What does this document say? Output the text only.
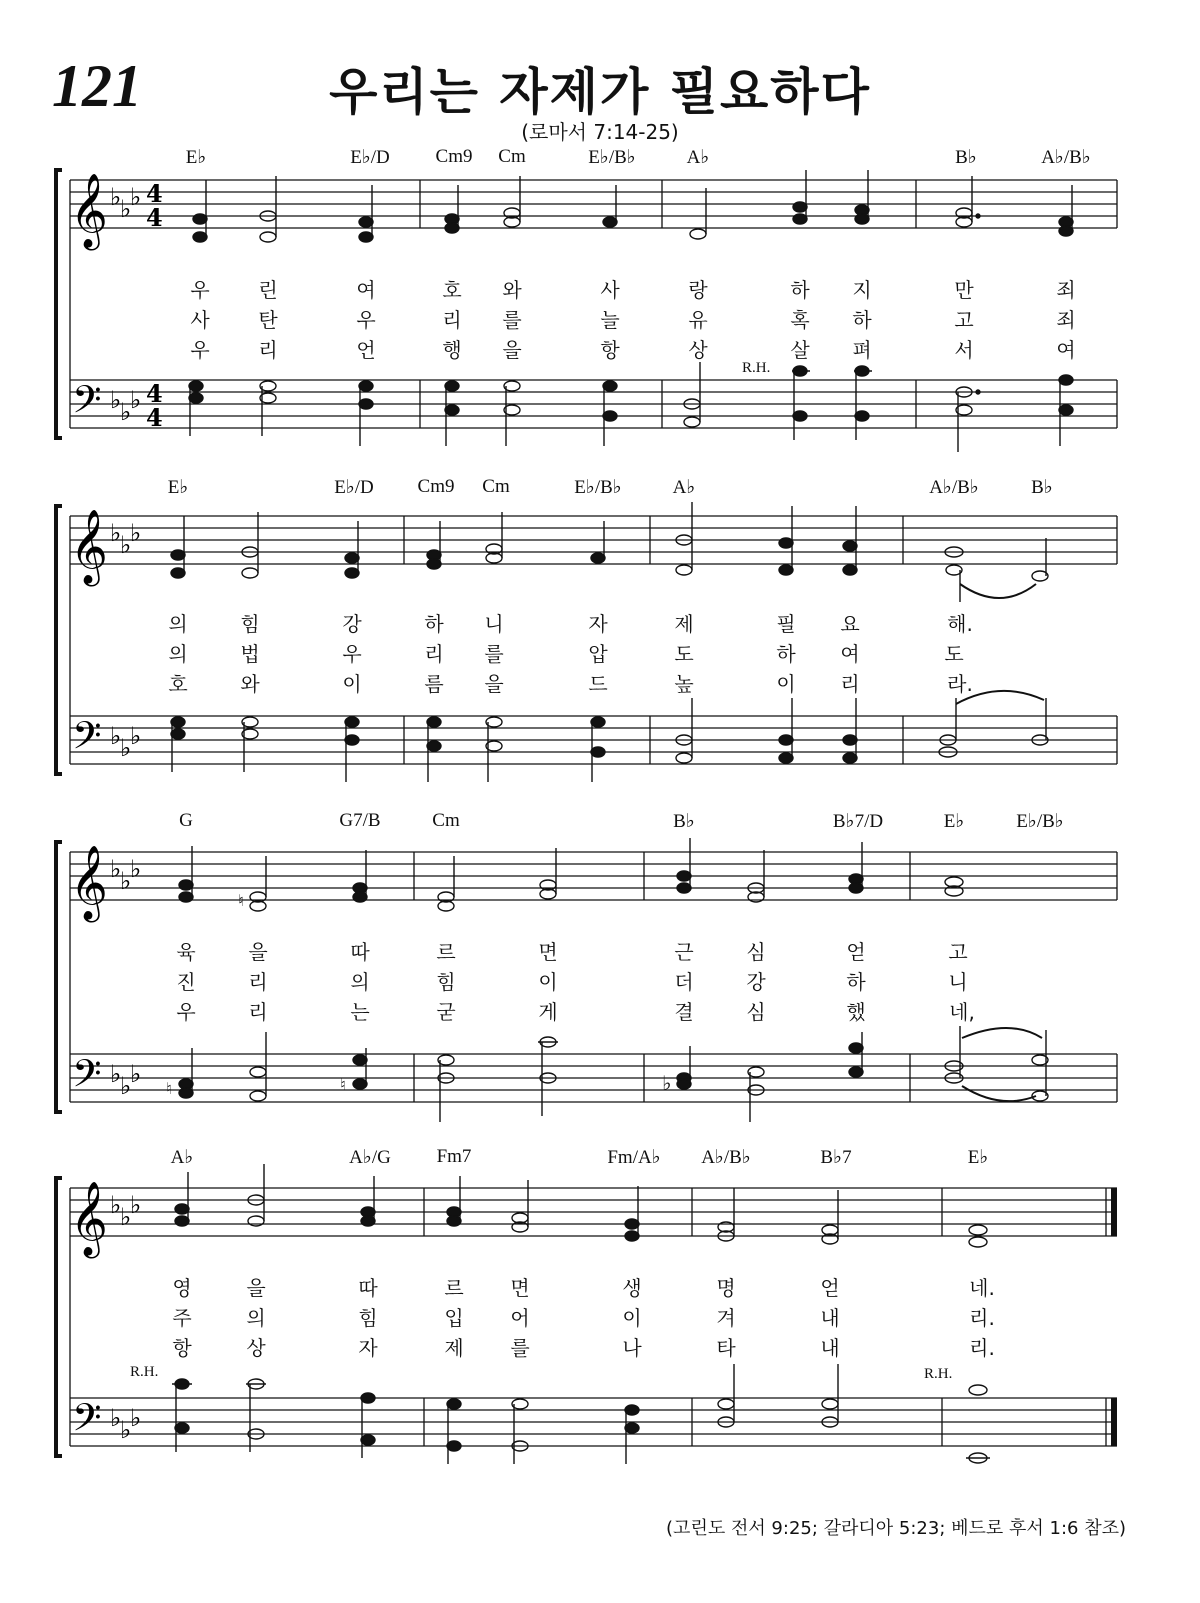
121	우리는 자제가 필요하다
(로마서 7:14-25)
𝄞
𝄢
♭
♭
♭
♭
♭
♭
4
4
4
4
E♭	E♭/D Cm9 Cm	E♭/B♭	A♭	B♭	A♭/B♭
R.H.
우 린	여	호 와	사	랑	하 지	만	죄
사 탄	우	리 를	늘	유	혹 하	고	죄
우 리	언	행 을	항	상	살 펴	서	여
𝄞
𝄢
♭
♭
♭
♭
♭
♭
E♭	E♭/D Cm9 Cm	E♭/B♭	A♭	A♭/B♭	B♭
의	힘	강	하 니	자	제	필 요	해.
의	법	우	리 를	압	도	하 여	도
호	와	이	름 을	드	높	이 리	라.
𝄞
𝄢
♭
♭
♭
♭
♭
♭
♮
♮	♮	♭
G	G7/B	Cm	B♭	B♭7/D	E♭	E♭/B♭
육	을	따	르	면	근	심	얻	고
진	리	의	힘	이	더	강	하	니
우	리	는	굳	게	결	심	했	네,
𝄞
𝄢
♭
♭
♭
♭
♭
♭
A♭	A♭/G Fm7	Fm/A♭ A♭/B♭	B♭7	E♭
R.H.	R.H.
영	을	따	르 면	생	명	얻	네.
주	의	힘	입 어	이	겨	내	리.
항	상	자	제 를	나	타	내	리.
(고린도 전서 9:25; 갈라디아 5:23; 베드로 후서 1:6 참조)
